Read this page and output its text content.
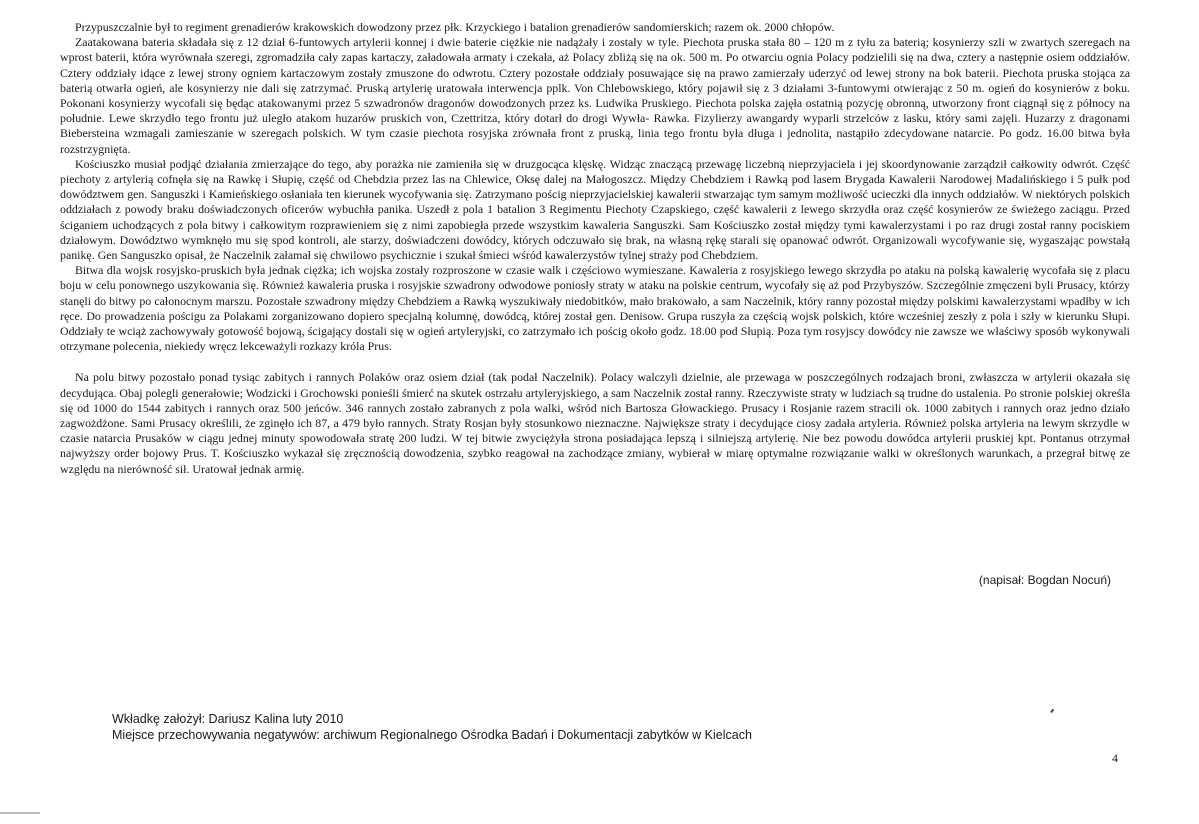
Przypuszczalnie był to regiment grenadierów krakowskich dowodzony przez płk. Krzyckiego i batalion grenadierów sandomierskich; razem ok. 2000 chłopów.

Zaatakowana bateria składała się z 12 dział 6-funtowych artylerii konnej i dwie baterie ciężkie nie nadążały i zostały w tyle. Piechota pruska stała 80 – 120 m z tyłu za baterią; kosynierzy szli w zwartych szeregach na wprost baterii, która wyrównała szeregi, zgromadziła cały zapas kartaczy, załadowała armaty i czekała, aż Polacy zbliżą się na ok. 500 m. Po otwarciu ognia Polacy podzielili się na dwa, cztery a następnie osiem oddziałów. Cztery oddziały idące z lewej strony ogniem kartaczowym zostały zmuszone do odwrotu. Cztery pozostałe oddziały posuwające się na prawo zamierzały uderzyć od lewej strony na bok baterii. Piechota pruska stojąca za baterią otwarła ogień, ale kosynierzy nie dali się zatrzymać. Pruską artylerię uratowała interwencja pplk. Von Chlebowskiego, który pojawił się z 3 działami 3-funtowymi otwierając z 50 m. ogień do kosynierów z boku. Pokonani kosynierzy wycofali się będąc atakowanymi przez 5 szwadronów dragonów dowodzonych przez ks. Ludwika Pruskiego. Piechota polska zajęła ostatnią pozycję obronną, utworzony front ciągnął się z północy na południe. Lewe skrzydło tego frontu już uległo atakom huzarów pruskich von, Czettritza, który dotarł do drogi Wywła- Rawka. Fizylierzy awangardy wyparli strzelców z lasku, który sami zajęli. Huzarzy z dragonami Biebersteina wzmagali zamieszanie w szeregach polskich. W tym czasie piechota rosyjska zrównała front z pruską, linia tego frontu była długa i jednolita, nastąpiło zdecydowane natarcie. Po godz. 16.00 bitwa była rozstrzygnięta.

Kościuszko musiał podjąć działania zmierzające do tego, aby porażka nie zamieniła się w druzgocąca klęskę. Widząc znaczącą przewagę liczebną nieprzyjaciela i jej skoordynowanie zarządził całkowity odwrót. Część piechoty z artylerią cofnęła się na Rawkę i Słupię, część od Chebdzia przez las na Chlewice, Oksę dalej na Małogoszcz. Między Chebdziem i Rawką pod lasem Brygada Kawalerii Narodowej Madalińskiego i 5 pułk pod dowództwem gen. Sanguszki i Kamieńskiego osłaniała ten kierunek wycofywania się. Zatrzymano pościg nieprzyjacielskiej kawalerii stwarzając tym samym możliwość ucieczki dla innych oddziałów. W niektórych polskich oddziałach z powody braku doświadczonych oficerów wybuchła panika. Uszedł z pola 1 batalion 3 Regimentu Piechoty Czapskiego, część kawalerii z lewego skrzydła oraz część kosynierów ze świeżego zaciągu. Przed ściganiem uchodzących z pola bitwy i całkowitym rozprawieniem się z nimi zapobiegła przede wszystkim kawaleria Sanguszki. Sam Kościuszko został między tymi kawalerzystami i po raz drugi został ranny pociskiem działowym. Dowództwo wymknęło mu się spod kontroli, ale starzy, doświadczeni dowódcy, których odczuwało się brak, na własną rękę starali się opanować odwrót. Organizowali wycofywanie się, wygaszając powstałą panikę. Gen Sanguszko opisał, że Naczelnik załamał się chwilowo psychicznie i szukał śmieci wśród kawalerzystów tylnej straży pod Chebdziem.

Bitwa dla wojsk rosyjsko-pruskich była jednak ciężka; ich wojska zostały rozproszone w czasie walk i częściowo wymieszane. Kawaleria z rosyjskiego lewego skrzydła po ataku na polską kawalerię wycofała się z placu boju w celu ponownego uszykowania się. Również kawaleria pruska i rosyjskie szwadrony odwodowe poniosły straty w ataku na polskie centrum, wycofały się aż pod Przybyszów. Szczególnie zmęczeni byli Prusacy, którzy stanęli do bitwy po całonocnym marszu. Pozostałe szwadrony między Chebdziem a Rawką wyszukiwały niedobitków, mało brakowało, a sam Naczelnik, który ranny pozostał między polskimi kawalerzystami wpadłby w ich ręce. Do prowadzenia pościgu za Polakami zorganizowano dopiero specjalną kolumnę, dowódcą, której został gen. Denisow. Grupa ruszyła za częścią wojsk polskich, które wcześniej zeszły z pola i szły w kierunku Słupi. Oddziały te wciąż zachowywały gotowość bojową, ścigający dostali się w ogień artyleryjski, co zatrzymało ich pościg około godz. 18.00 pod Słupią. Poza tym rosyjscy dowódcy nie zawsze we właściwy sposób wykonywali otrzymane polecenia, niekiedy wręcz lekceważyli rozkazy króla Prus.

Na polu bitwy pozostało ponad tysiąc zabitych i rannych Polaków oraz osiem dział (tak podał Naczelnik). Polacy walczyli dzielnie, ale przewaga w poszczególnych rodzajach broni, zwłaszcza w artylerii okazała się decydująca. Obaj polegli generałowie; Wodzicki i Grochowski ponieśli śmierć na skutek ostrzału artyleryjskiego, a sam Naczelnik został ranny. Rzeczywiste straty w ludziach są trudne do ustalenia. Po stronie polskiej określa się od 1000 do 1544 zabitych i rannych oraz 500 jeńców. 346 rannych zostało zabranych z pola walki, wśród nich Bartosza Głowackiego. Prusacy i Rosjanie razem stracili ok. 1000 zabitych i rannych oraz jedno działo zagwożdżone. Sami Prusacy określili, że zginęło ich 87, a 479 było rannych. Straty Rosjan były stosunkowo nieznaczne. Największe straty i decydujące ciosy zadała artyleria. Również polska artyleria na lewym skrzydle w czasie natarcia Prusaków w ciągu jednej minuty spowodowała stratę 200 ludzi. W tej bitwie zwyciężyła strona posiadająca lepszą i silniejszą artylerię. Nie bez powodu dowódca artylerii pruskiej kpt. Pontanus otrzymał najwyższy order bojowy Prus. T. Kościuszko wykazał się zręcznością dowodzenia, szybko reagował na zachodzące zmiany, wybierał w miarę optymalne rozwiązanie walki w określonych warunkach, a przegrał bitwę ze względu na nierówność sił. Uratował jednak armię.

(napisał: Bogdan Nocuń)
Wkładkę założył: Dariusz Kalina luty 2010
Miejsce przechowywania negatywów: archiwum Regionalnego Ośrodka Badań i Dokumentacji zabytków w Kielcach
4
